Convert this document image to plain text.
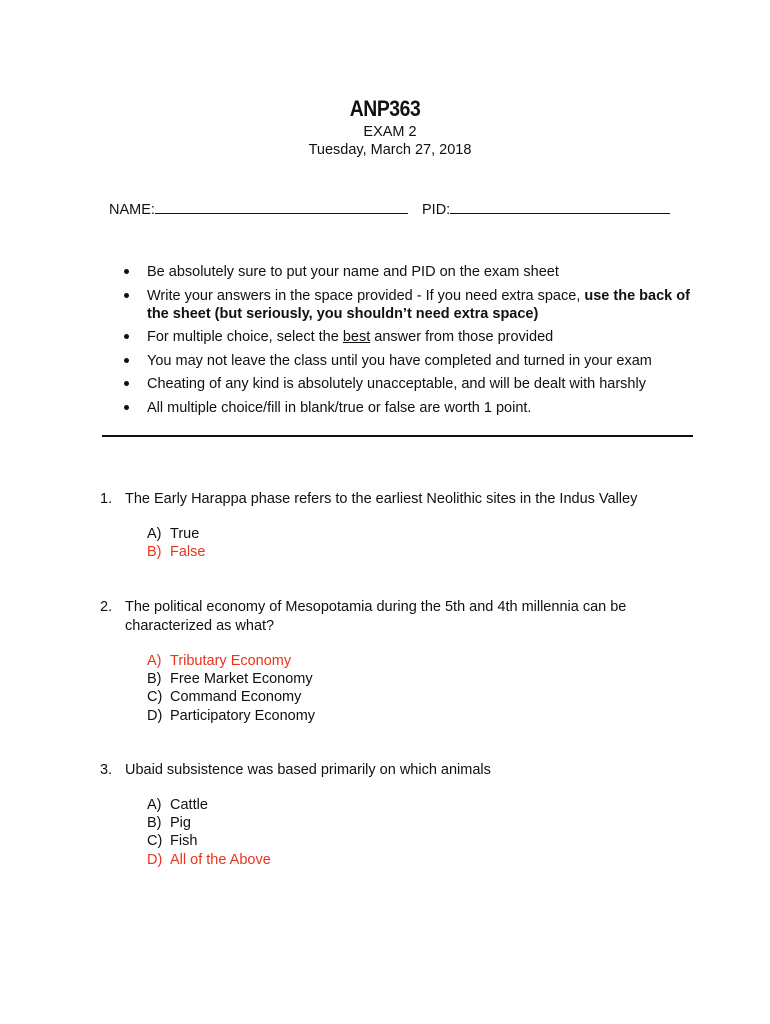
ANP363
EXAM 2
Tuesday, March 27, 2018
NAME:	PID:
Be absolutely sure to put your name and PID on the exam sheet
Write your answers in the space provided - If you need extra space, use the back of the sheet (but seriously, you shouldn’t need extra space)
For multiple choice, select the best answer from those provided
You may not leave the class until you have completed and turned in your exam
Cheating of any kind is absolutely unacceptable, and will be dealt with harshly
All multiple choice/fill in blank/true or false are worth 1 point.
1. The Early Harappa phase refers to the earliest Neolithic sites in the Indus Valley
A) True
B) False
2. The political economy of Mesopotamia during the 5th and 4th millennia can be characterized as what?
A) Tributary Economy
B) Free Market Economy
C) Command Economy
D) Participatory Economy
3. Ubaid subsistence was based primarily on which animals
A) Cattle
B) Pig
C) Fish
D) All of the Above
